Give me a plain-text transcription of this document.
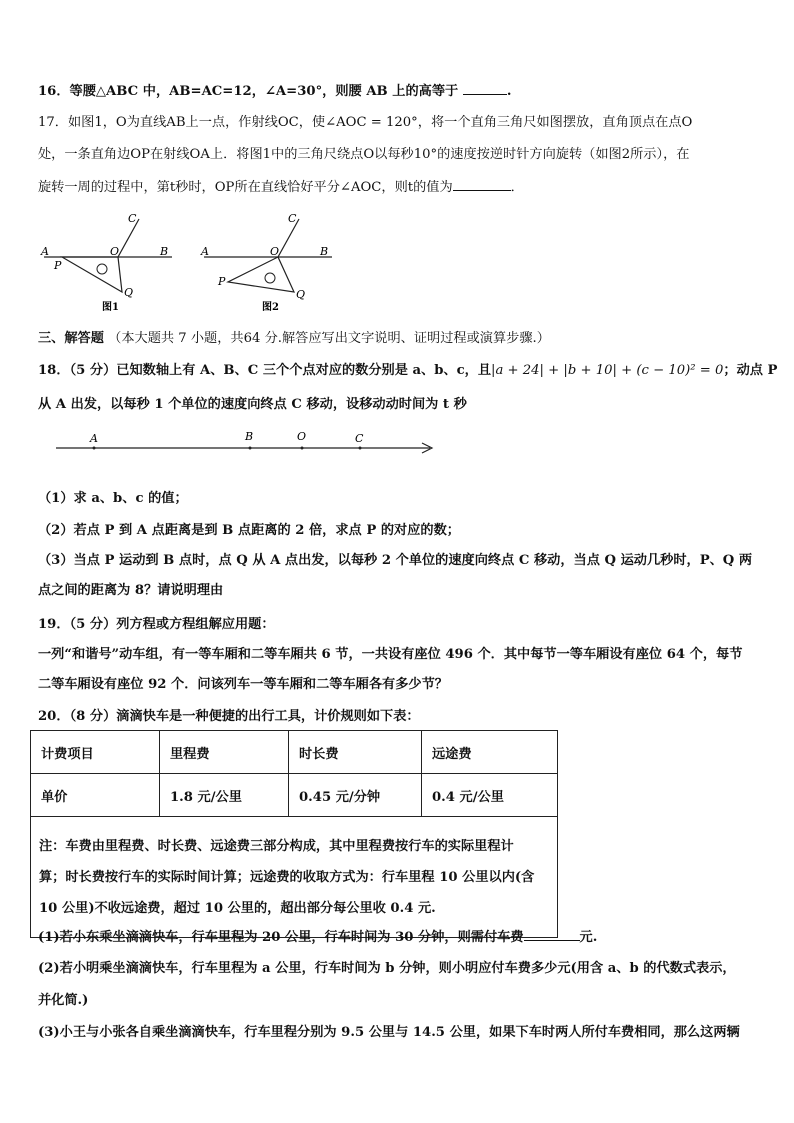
16．等腰△ABC 中，AB=AC=12，∠A=30°，则腰 AB 上的高等于	.
17．如图1，O为直线AB上一点，作射线OC，使∠AOC = 120°，将一个直角三角尺如图摆放，直角顶点在点O
处，一条直角边OP在射线OA上．将图1中的三角尺绕点O以每秒10°的速度按逆时针方向旋转（如图2所示），在
旋转一周的过程中，第t秒时，OP所在直线恰好平分∠AOC，则t的值为	．
A	B
C
O
P
Q
图1
A	B
C
O
P
Q
图2
三、解答题 （本大题共 7 小题，共64 分.解答应写出文字说明、证明过程或演算步骤.）
18．（5 分）已知数轴上有 A、B、C 三个个点对应的数分别是 a、b、c，且|a + 24| + |b + 10| + (c − 10)² = 0；动点 P
从 A 出发，以每秒 1 个单位的速度向终点 C 移动，设移动动时间为 t 秒
A	B	O	C
（1）求 a、b、c 的值；
（2）若点 P 到 A 点距离是到 B 点距离的 2 倍，求点 P 的对应的数；
（3）当点 P 运动到 B 点时，点 Q 从 A 点出发，以每秒 2 个单位的速度向终点 C 移动，当点 Q 运动几秒时，P、Q 两
点之间的距离为 8？请说明理由
19．（5 分）列方程或方程组解应用题：
一列“和谐号”动车组，有一等车厢和二等车厢共 6 节，一共设有座位 496 个．其中每节一等车厢设有座位 64 个，每节
二等车厢设有座位 92 个．问该列车一等车厢和二等车厢各有多少节？
20．（8 分）滴滴快车是一种便捷的出行工具，计价规则如下表：
计费项目	里程费	时长费	远途费
单价	1.8 元/公里	0.45 元/分钟	0.4 元/公里

注：车费由里程费、时长费、远途费三部分构成，其中里程费按行车的实际里程计
算；时长费按行车的实际时间计算；远途费的收取方式为：行车里程 10 公里以内(含
10 公里)不收远途费，超过 10 公里的，超出部分每公里收 0.4 元.			
(1)若小东乘坐滴滴快车，行车里程为 20 公里，行车时间为 30 分钟，则需付车费	元.
(2)若小明乘坐滴滴快车，行车里程为 a 公里，行车时间为 b 分钟，则小明应付车费多少元(用含 a、b 的代数式表示，
并化简.)
(3)小王与小张各自乘坐滴滴快车，行车里程分别为 9.5 公里与 14.5 公里，如果下车时两人所付车费相同，那么这两辆
